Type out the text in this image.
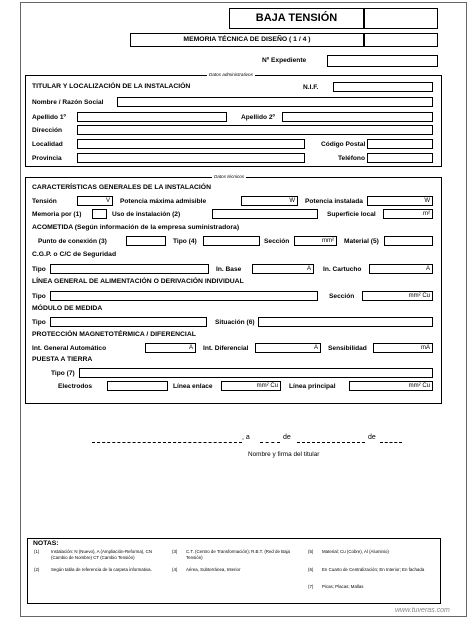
BAJA TENSIÓN
MEMORIA TÉCNICA DE DISEÑO ( 1 / 4 )
Nº Expediente
Datos administrativos
TITULAR Y LOCALIZACIÓN DE LA INSTALACIÓN	N.I.F.
Nombre / Razón Social
Apellido 1º	Apellido 2º
Dirección
Localidad	Código Postal
Provincia	Teléfono
Datos técnicos
CARACTERÍSTICAS GENERALES DE LA INSTALACIÓN
Tensión	V Potencia máxima admisible	W Potencia instalada	W
Memoria por (1)	Uso de instalación (2)	Superficie local	m²
ACOMETIDA (Según información de la empresa suministradora)
Punto de conexión (3)	Tipo (4)	Sección	mm² Material (5)
C.G.P. o C/C de Seguridad
Tipo	In. Base	A In. Cartucho	A
LÍNEA GENERAL DE ALIMENTACIÓN O DERIVACIÓN INDIVIDUAL
Tipo	Sección	mm² Cu
MÓDULO DE MEDIDA
Tipo	Situación (6)
PROTECCIÓN MAGNETOTÉRMICA / DIFERENCIAL
Int. General Automático	A Int. Diferencial	A Sensibilidad	mA
PUESTA A TIERRA
Tipo (7)
Electrodos	Línea enlace	mm² Cu Línea principal	mm² Cu
, a	de	de
Nombre y firma del titular
NOTAS:
(1)	Instalación: N (Nuevo), A (Ampliación-Reforma), CN (Cambio de Nombre) CT (Cambio Tensión)
(3) C.T. (Centro de Transformación); R.B.T. (Red de Baja Tensión)
(5) Material; Cu (Cobre), Al (Aluminio)
(2)	Según tabla de referencia de la carpeta informativa.	(4) Aérea, Subterránea, Interior	(6) En Cuarto de Centralización; En Interior; En fachada
(7) Picas; Placas; Mallas
www.tuveras.com
